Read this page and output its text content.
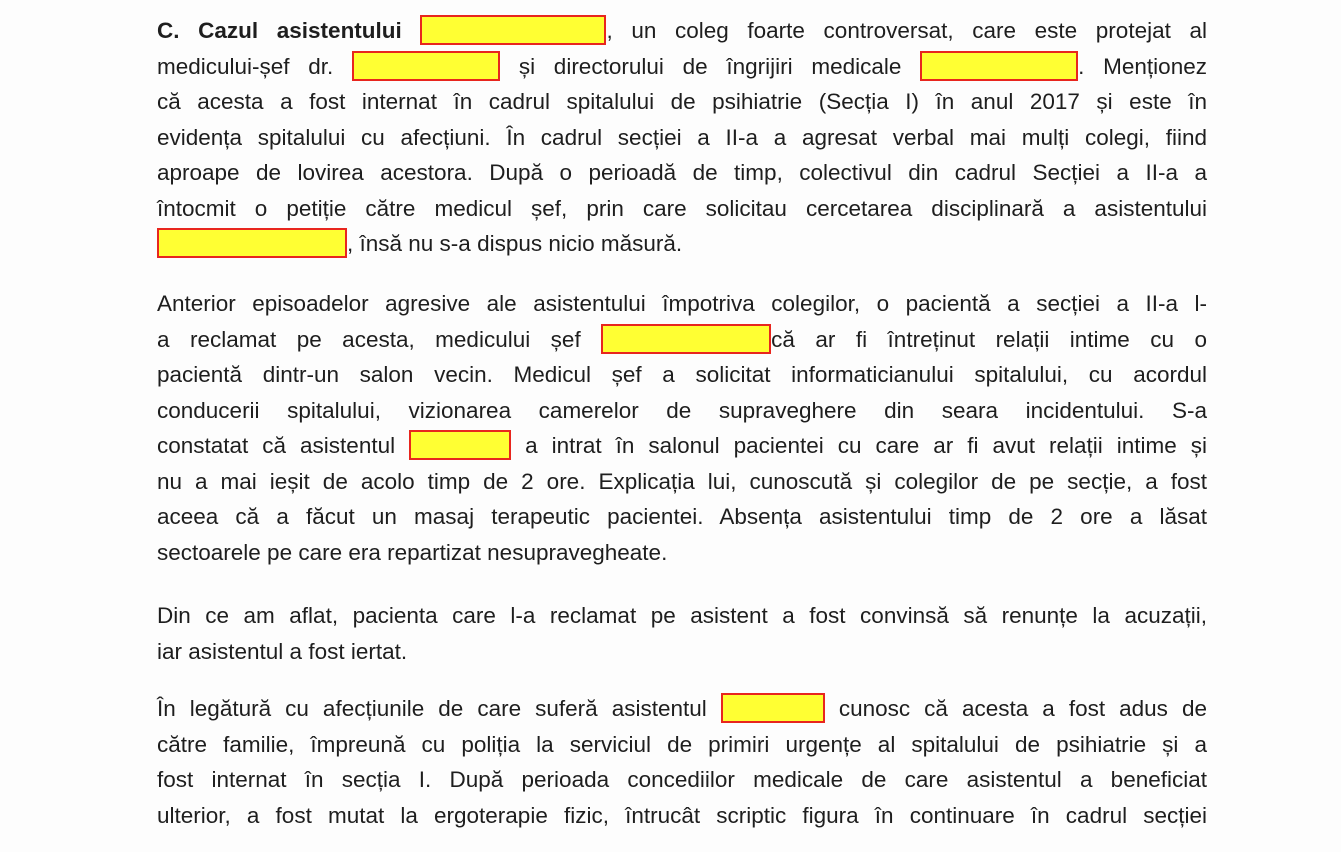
C. Cazul asistentului	, un coleg foarte controversat, care este protejat al
medicului-șef dr.	și directorului de îngrijiri medicale	. Menționez
că acesta a fost internat în cadrul spitalului de psihiatrie (Secția I) în anul 2017 și este în
evidența spitalului cu afecțiuni. În cadrul secției a II-a a agresat verbal mai mulți colegi, fiind
aproape de lovirea acestora. După o perioadă de timp, colectivul din cadrul Secției a II-a a
întocmit o petiție către medicul șef, prin care solicitau cercetarea disciplinară a asistentului
, însă nu s-a dispus nicio măsură.
Anterior episoadelor agresive ale asistentului împotriva colegilor, o pacientă a secției a II-a l-
a reclamat pe acesta, medicului șef	că ar fi întreținut relații intime cu o
pacientă dintr-un salon vecin. Medicul șef a solicitat informaticianului spitalului, cu acordul
conducerii spitalului, vizionarea camerelor de supraveghere din seara incidentului. S-a
constatat că asistentul	a intrat în salonul pacientei cu care ar fi avut relații intime și
nu a mai ieșit de acolo timp de 2 ore. Explicația lui, cunoscută și colegilor de pe secție, a fost
aceea că a făcut un masaj terapeutic pacientei. Absența asistentului timp de 2 ore a lăsat
sectoarele pe care era repartizat nesupravegheate.
Din ce am aflat, pacienta care l-a reclamat pe asistent a fost convinsă să renunțe la acuzații,
iar asistentul a fost iertat.
În legătură cu afecțiunile de care suferă asistentul	cunosc că acesta a fost adus de
către familie, împreună cu poliția la serviciul de primiri urgențe al spitalului de psihiatrie și a
fost internat în secția I. După perioada concediilor medicale de care asistentul a beneficiat
ulterior, a fost mutat la ergoterapie fizic, întrucât scriptic figura în continuare în cadrul secției
